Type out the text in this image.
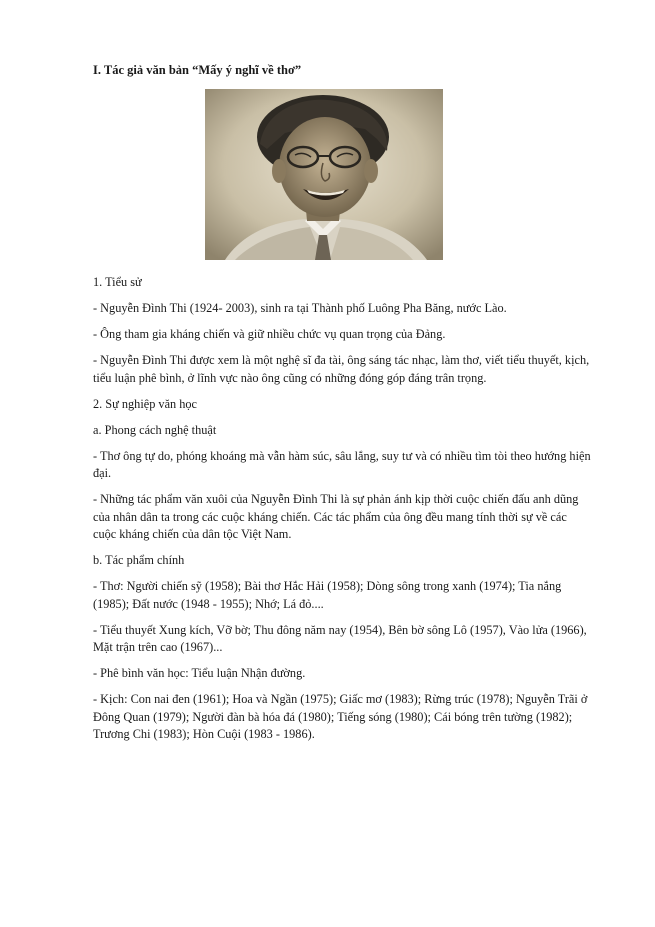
I. Tác giả văn bản “Mấy ý nghĩ về thơ”

1. Tiểu sử

- Nguyễn Đình Thi (1924- 2003), sinh ra tại Thành phố Luông Pha Băng, nước Lào.

- Ông tham gia kháng chiến và giữ nhiều chức vụ quan trọng của Đảng.

- Nguyễn Đình Thi được xem là một nghệ sĩ đa tài, ông sáng tác nhạc, làm thơ, viết tiểu thuyết, kịch, tiểu luận phê bình, ở lĩnh vực nào ông cũng có những đóng góp đáng trân trọng.

2. Sự nghiệp văn học

a. Phong cách nghệ thuật

- Thơ ông tự do, phóng khoáng mà vẫn hàm súc, sâu lắng, suy tư và có nhiều tìm tòi theo hướng hiện đại.

- Những tác phẩm văn xuôi của Nguyễn Đình Thi là sự phản ánh kịp thời cuộc chiến đấu anh dũng của nhân dân ta trong các cuộc kháng chiến. Các tác phẩm của ông đều mang tính thời sự về các cuộc kháng chiến của dân tộc Việt Nam.

b. Tác phẩm chính

- Thơ: Người chiến sỹ (1958); Bài thơ Hắc Hải (1958); Dòng sông trong xanh (1974); Tia nắng (1985); Đất nước (1948 - 1955); Nhớ; Lá đỏ....

- Tiểu thuyết Xung kích, Vỡ bờ; Thu đông năm nay (1954), Bên bờ sông Lô (1957), Vào lửa (1966), Mặt trận trên cao (1967)...

- Phê bình văn học: Tiểu luận Nhận đường.

- Kịch: Con nai đen (1961); Hoa và Ngần (1975); Giấc mơ (1983); Rừng trúc (1978); Nguyễn Trãi ở Đông Quan (1979); Người đàn bà hóa đá (1980); Tiếng sóng (1980); Cái bóng trên tường (1982); Trương Chi (1983); Hòn Cuội (1983 - 1986).
